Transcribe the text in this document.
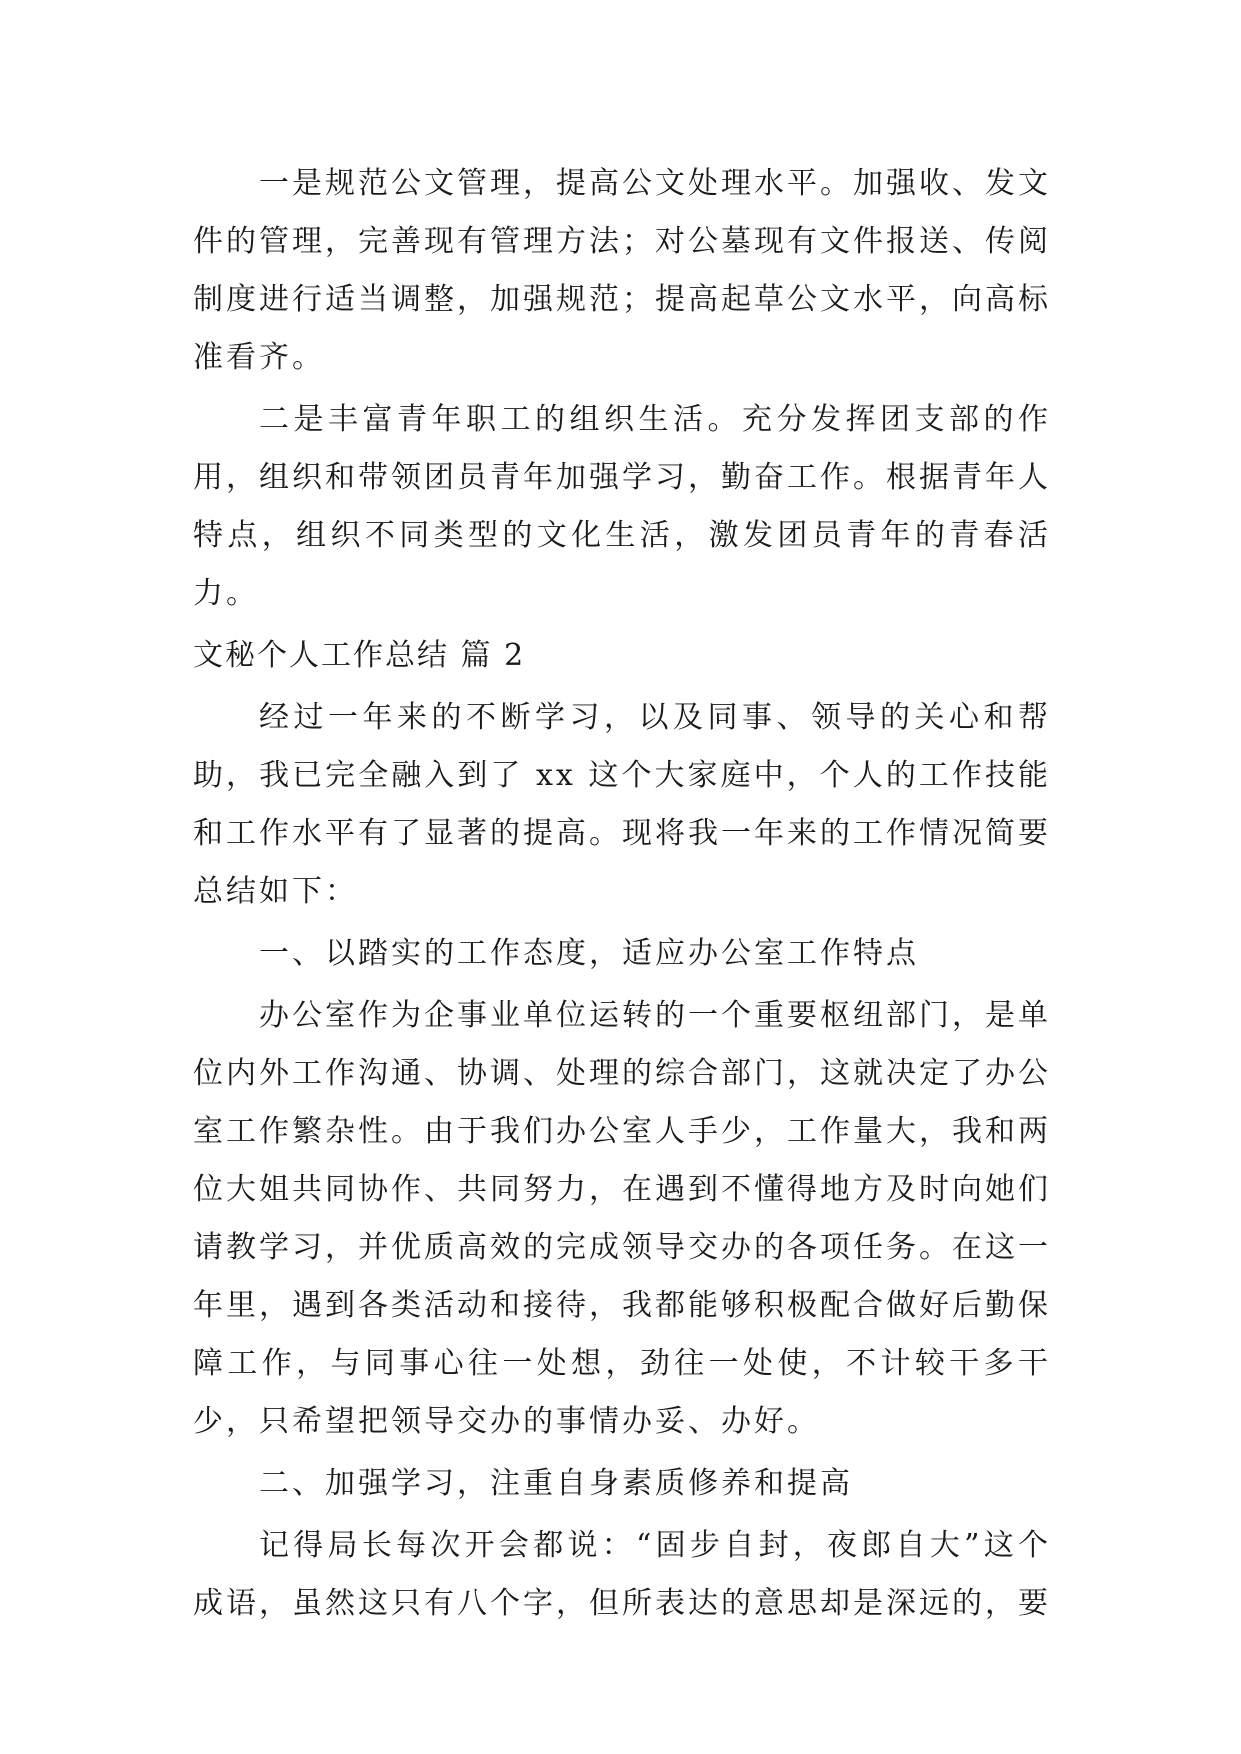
一是规范公文管理，提高公文处理水平。加强收、发文件的管理，完善现有管理方法；对公墓现有文件报送、传阅制度进行适当调整，加强规范；提高起草公文水平，向高标准看齐。

二是丰富青年职工的组织生活。充分发挥团支部的作用，组织和带领团员青年加强学习，勤奋工作。根据青年人特点，组织不同类型的文化生活，激发团员青年的青春活力。

文秘个人工作总结 篇 2

经过一年来的不断学习，以及同事、领导的关心和帮助，我已完全融入到了 xx 这个大家庭中，个人的工作技能和工作水平有了显著的提高。现将我一年来的工作情况简要总结如下：

一、以踏实的工作态度，适应办公室工作特点

办公室作为企事业单位运转的一个重要枢纽部门，是单位内外工作沟通、协调、处理的综合部门，这就决定了办公室工作繁杂性。由于我们办公室人手少，工作量大，我和两位大姐共同协作、共同努力，在遇到不懂得地方及时向她们请教学习，并优质高效的完成领导交办的各项任务。在这一年里，遇到各类活动和接待，我都能够积极配合做好后勤保障工作，与同事心往一处想，劲往一处使，不计较干多干少，只希望把领导交办的事情办妥、办好。

二、加强学习，注重自身素质修养和提高

记得局长每次开会都说：“固步自封，夜郎自大”这个成语，虽然这只有八个字，但所表达的意思却是深远的，要
